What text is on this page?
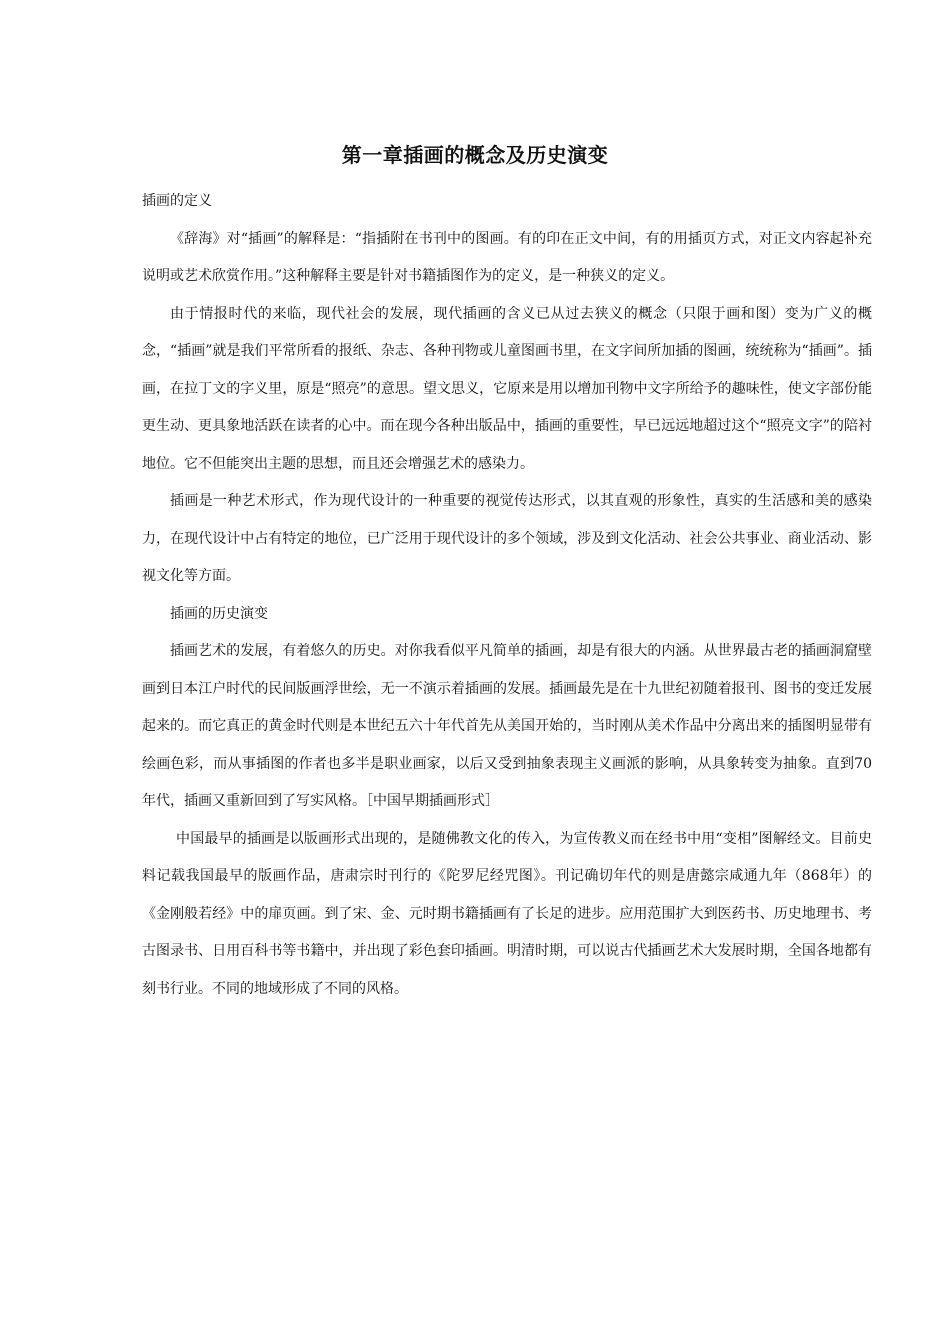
第一章插画的概念及历史演变

插画的定义

《辞海》对“插画”的解释是：“指插附在书刊中的图画。有的印在正文中间，有的用插页方式，对正文内容起补充说明或艺术欣赏作用。”这种解释主要是针对书籍插图作为的定义，是一种狭义的定义。

由于情报时代的来临，现代社会的发展，现代插画的含义已从过去狭义的概念（只限于画和图）变为广义的概念，“插画”就是我们平常所看的报纸、杂志、各种刊物或儿童图画书里，在文字间所加插的图画，统统称为“插画”。插画，在拉丁文的字义里，原是“照亮”的意思。望文思义，它原来是用以增加刊物中文字所给予的趣味性，使文字部份能更生动、更具象地活跃在读者的心中。而在现今各种出版品中，插画的重要性，早已远远地超过这个“照亮文字”的陪衬地位。它不但能突出主题的思想，而且还会增强艺术的感染力。

插画是一种艺术形式，作为现代设计的一种重要的视觉传达形式，以其直观的形象性，真实的生活感和美的感染力，在现代设计中占有特定的地位，已广泛用于现代设计的多个领域，涉及到文化活动、社会公共事业、商业活动、影视文化等方面。

插画的历史演变

插画艺术的发展，有着悠久的历史。对你我看似平凡简单的插画，却是有很大的内涵。从世界最古老的插画洞窟壁画到日本江户时代的民间版画浮世绘，无一不演示着插画的发展。插画最先是在十九世纪初随着报刊、图书的变迁发展起来的。而它真正的黄金时代则是本世纪五六十年代首先从美国开始的，当时刚从美术作品中分离出来的插图明显带有绘画色彩，而从事插图的作者也多半是职业画家，以后又受到抽象表现主义画派的影响，从具象转变为抽象。直到70年代，插画又重新回到了写实风格。［中国早期插画形式］

中国最早的插画是以版画形式出现的，是随佛教文化的传入，为宣传教义而在经书中用“变相”图解经文。目前史料记载我国最早的版画作品，唐肃宗时刊行的《陀罗尼经咒图》。刊记确切年代的则是唐懿宗咸通九年（868年）的《金刚般若经》中的扉页画。到了宋、金、元时期书籍插画有了长足的进步。应用范围扩大到医药书、历史地理书、考古图录书、日用百科书等书籍中，并出现了彩色套印插画。明清时期，可以说古代插画艺术大发展时期，全国各地都有刻书行业。不同的地域形成了不同的风格。
